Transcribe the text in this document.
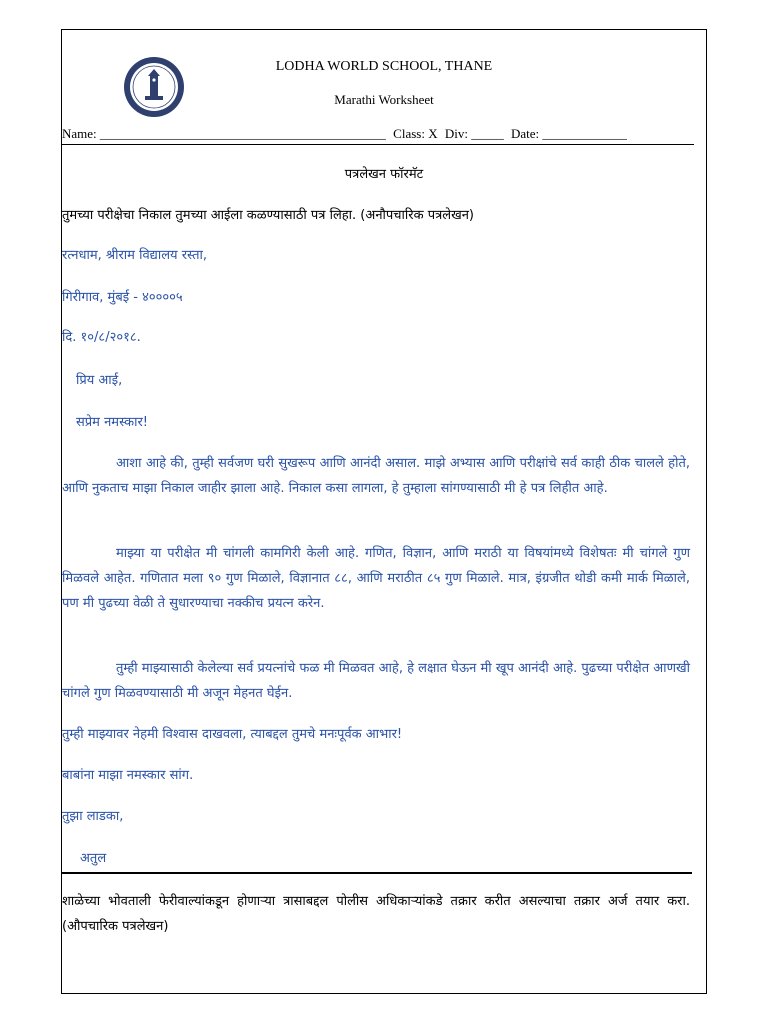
LODHA WORLD SCHOOL, THANE
Marathi Worksheet
Name: ____________________________________________ Class: X Div: _____ Date: _____________
पत्रलेखन फॉरमॅट
तुमच्या परीक्षेचा निकाल तुमच्या आईला कळण्यासाठी पत्र लिहा. (अनौपचारिक पत्रलेखन)
रत्नधाम, श्रीराम विद्यालय रस्ता,
गिरीगाव, मुंबई - ४००००५
दि. १०/८/२०१८.
प्रिय आई,
सप्रेम नमस्कार!
आशा आहे की, तुम्ही सर्वजण घरी सुखरूप आणि आनंदी असाल. माझे अभ्यास आणि परीक्षांचे सर्व काही ठीक चालले होते, आणि नुकताच माझा निकाल जाहीर झाला आहे. निकाल कसा लागला, हे तुम्हाला सांगण्यासाठी मी हे पत्र लिहीत आहे.
माझ्या या परीक्षेत मी चांगली कामगिरी केली आहे. गणित, विज्ञान, आणि मराठी या विषयांमध्ये विशेषतः मी चांगले गुण मिळवले आहेत. गणितात मला ९० गुण मिळाले, विज्ञानात ८८, आणि मराठीत ८५ गुण मिळाले. मात्र, इंग्रजीत थोडी कमी मार्क मिळाले, पण मी पुढच्या वेळी ते सुधारण्याचा नक्कीच प्रयत्न करेन.
तुम्ही माझ्यासाठी केलेल्या सर्व प्रयत्नांचे फळ मी मिळवत आहे, हे लक्षात घेऊन मी खूप आनंदी आहे. पुढच्या परीक्षेत आणखी चांगले गुण मिळवण्यासाठी मी अजून मेहनत घेईन.
तुम्ही माझ्यावर नेहमी विश्वास दाखवला, त्याबद्दल तुमचे मनःपूर्वक आभार!
बाबांना माझा नमस्कार सांग.
तुझा लाडका,
अतुल
शाळेच्या भोवताली फेरीवाल्यांकडून होणाऱ्या त्रासाबद्दल पोलीस अधिकाऱ्यांकडे तक्रार करीत असल्याचा तक्रार अर्ज तयार करा. (औपचारिक पत्रलेखन)
